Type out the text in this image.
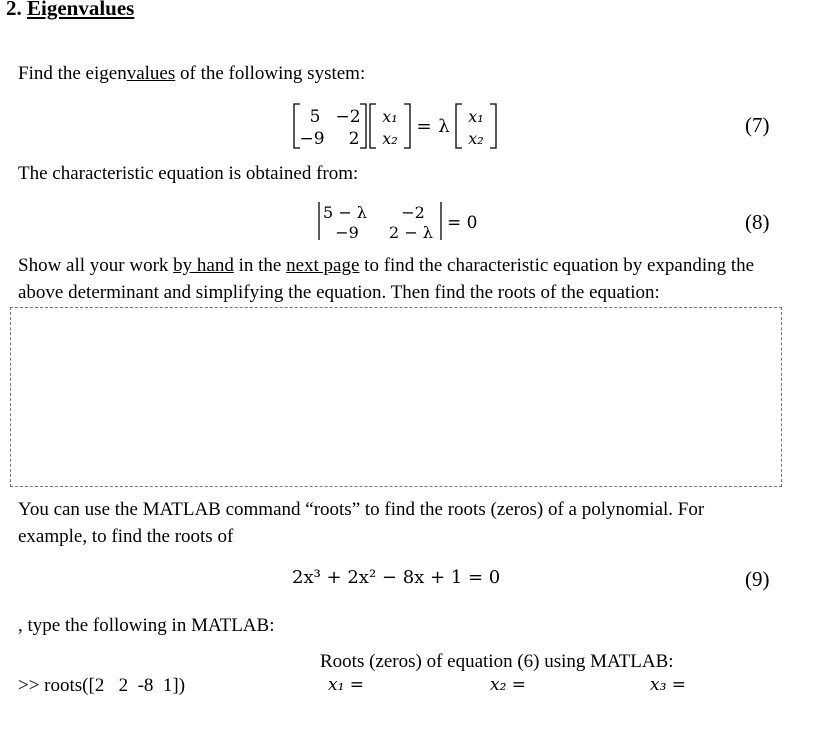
2. Eigenvalues
Find the eigenvalues of the following system:
5 −2
−9 2
x₁
x₂
= λ x₁
x₂
(7)
The characteristic equation is obtained from:
5 − λ −2
−9 2 − λ = 0	(8)
Show all your work by hand in the next page to find the characteristic equation by expanding the above determinant and simplifying the equation. Then find the roots of the equation:
You can use the MATLAB command “roots” to find the roots (zeros) of a polynomial. For example, to find the roots of
2x³ + 2x² − 8x + 1 = 0	(9)
, type the following in MATLAB:
>> roots([2   2  -8  1])
Roots (zeros) of equation (6) using MATLAB:
x₁ =	x₂ =	x₃ =
